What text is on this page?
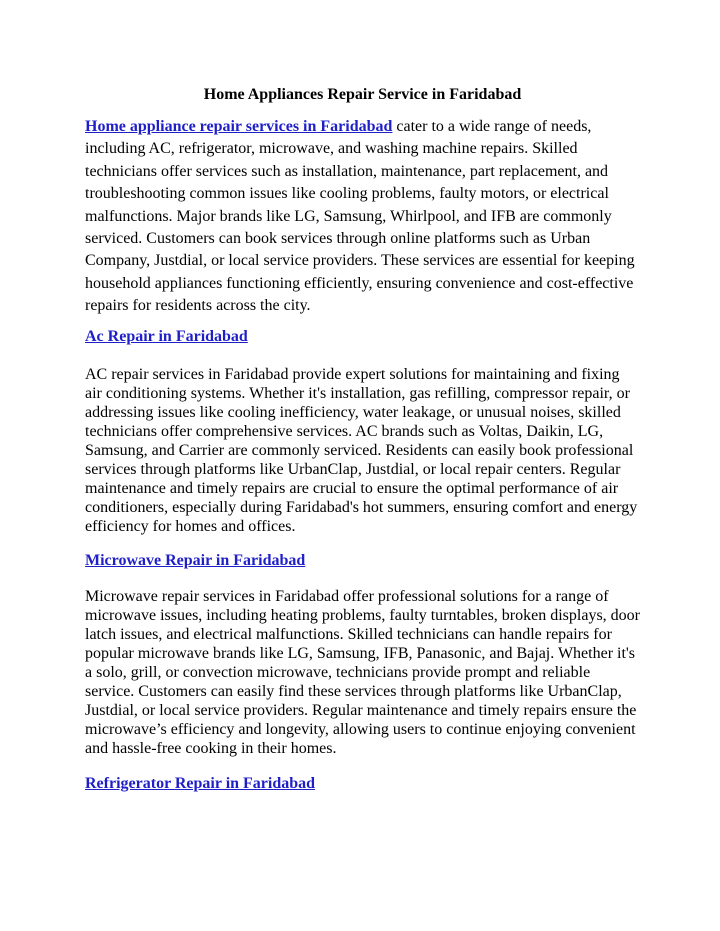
Home Appliances Repair Service in Faridabad

Home appliance repair services in Faridabad cater to a wide range of needs, including AC, refrigerator, microwave, and washing machine repairs. Skilled technicians offer services such as installation, maintenance, part replacement, and troubleshooting common issues like cooling problems, faulty motors, or electrical malfunctions. Major brands like LG, Samsung, Whirlpool, and IFB are commonly serviced. Customers can book services through online platforms such as Urban Company, Justdial, or local service providers. These services are essential for keeping household appliances functioning efficiently, ensuring convenience and cost-effective repairs for residents across the city.

Ac Repair in Faridabad

AC repair services in Faridabad provide expert solutions for maintaining and fixing air conditioning systems. Whether it's installation, gas refilling, compressor repair, or addressing issues like cooling inefficiency, water leakage, or unusual noises, skilled technicians offer comprehensive services. AC brands such as Voltas, Daikin, LG, Samsung, and Carrier are commonly serviced. Residents can easily book professional services through platforms like UrbanClap, Justdial, or local repair centers. Regular maintenance and timely repairs are crucial to ensure the optimal performance of air conditioners, especially during Faridabad's hot summers, ensuring comfort and energy efficiency for homes and offices.

Microwave Repair in Faridabad

Microwave repair services in Faridabad offer professional solutions for a range of microwave issues, including heating problems, faulty turntables, broken displays, door latch issues, and electrical malfunctions. Skilled technicians can handle repairs for popular microwave brands like LG, Samsung, IFB, Panasonic, and Bajaj. Whether it's a solo, grill, or convection microwave, technicians provide prompt and reliable service. Customers can easily find these services through platforms like UrbanClap, Justdial, or local service providers. Regular maintenance and timely repairs ensure the microwave’s efficiency and longevity, allowing users to continue enjoying convenient and hassle-free cooking in their homes.

Refrigerator Repair in Faridabad
